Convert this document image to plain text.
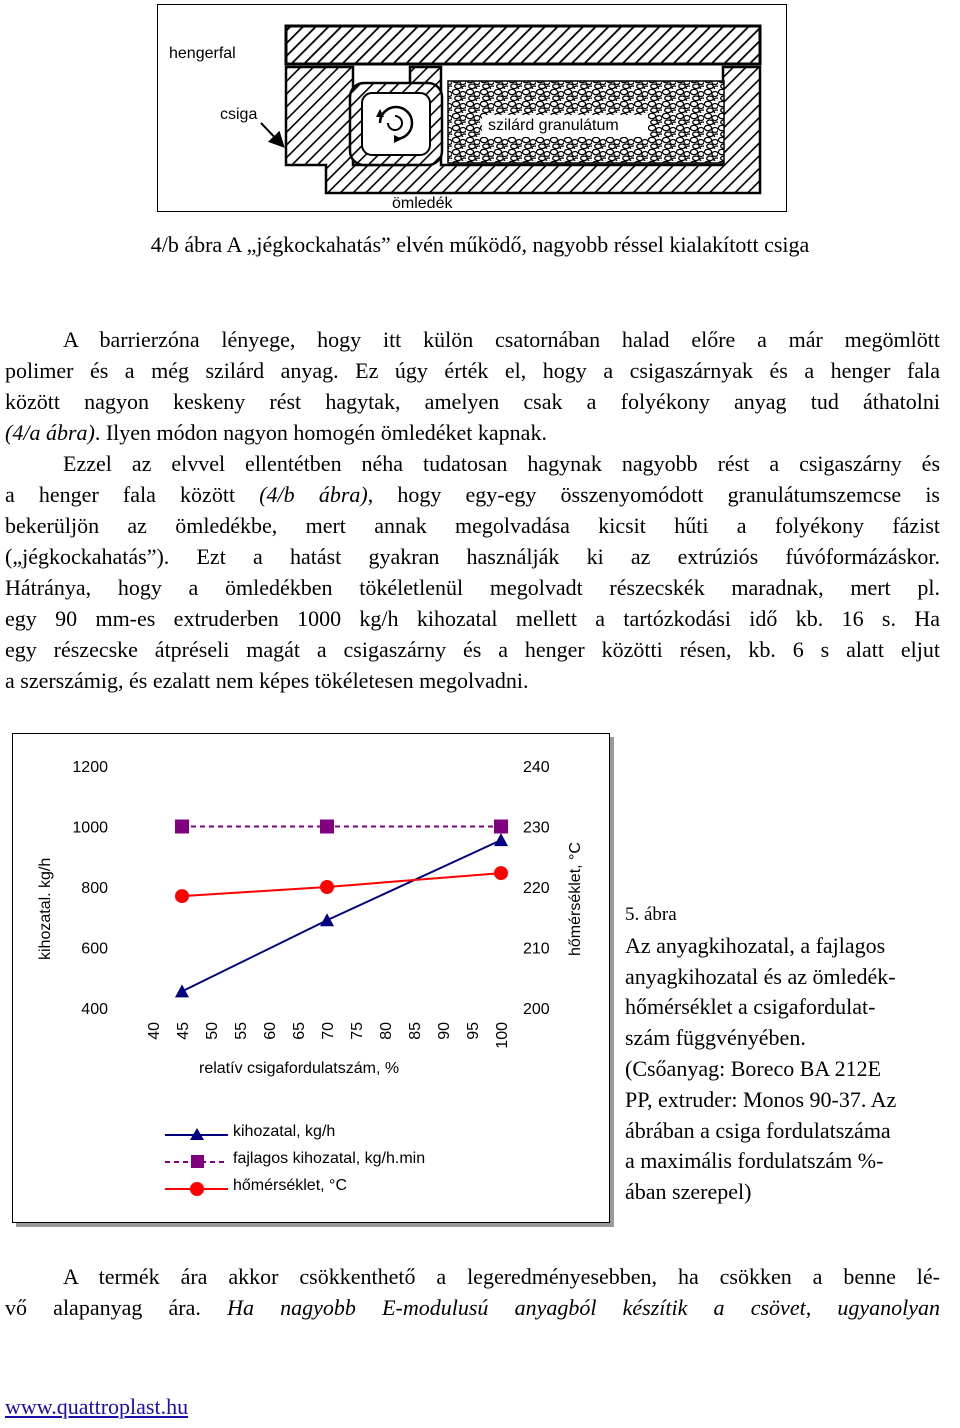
hengerfal
csiga
szilárd granulátum
ömledék
4/b ábra A „jégkockahatás” elvén működő, nagyobb réssel kialakított csiga

A barrierzóna lényege, hogy itt külön csatornában halad előre a már megömlött

polimer és a még szilárd anyag. Ez úgy érték el, hogy a csigaszárnyak és a henger fala

között nagyon keskeny rést hagytak, amelyen csak a folyékony anyag tud áthatolni

(4/a ábra). Ilyen módon nagyon homogén ömledéket kapnak.

Ezzel az elvvel ellentétben néha tudatosan hagynak nagyobb rést a csigaszárny és

a henger fala között (4/b ábra), hogy egy-egy összenyomódott granulátumszemcse is

bekerüljön az ömledékbe, mert annak megolvadása kicsit hűti a folyékony fázist

(„jégkockahatás”). Ezt a hatást gyakran használják ki az extrúziós fúvóformázáskor.

Hátránya, hogy a ömledékben tökéletlenül megolvadt részecskék maradnak, mert pl.

egy 90 mm-es extruderben 1000 kg/h kihozatal mellett a tartózkodási idő kb. 16 s. Ha

egy részecske átpréseli magát a csigaszárny és a henger közötti résen, kb. 6 s alatt eljut

a szerszámig, és ezalatt nem képes tökéletesen megolvadni.

1200
1000
800
600
400
240
230
220
210
200
40 45 50 55 60 65 70 75 80 85 90 95 100
kihozatal. kg/h	hőmérséklet, °C
relatív csigafordulatszám, %
kihozatal, kg/h
fajlagos kihozatal, kg/h.min
hőmérséklet, °C
5. ábra
Az anyagkihozatal, a fajlagos
anyagkihozatal és az ömledék-
hőmérséklet a csigafordulat-
szám függvényében.
(Csőanyag: Boreco BA 212E
PP, extruder: Monos 90-37. Az
ábrában a csiga fordulatszáma
a maximális fordulatszám %-
ában szerepel)

A termék ára akkor csökkenthető a legeredményesebben, ha csökken a benne lé-

vő alapanyag ára. Ha nagyobb E-modulusú anyagból készítik a csövet, ugyanolyan

www.quattroplast.hu
